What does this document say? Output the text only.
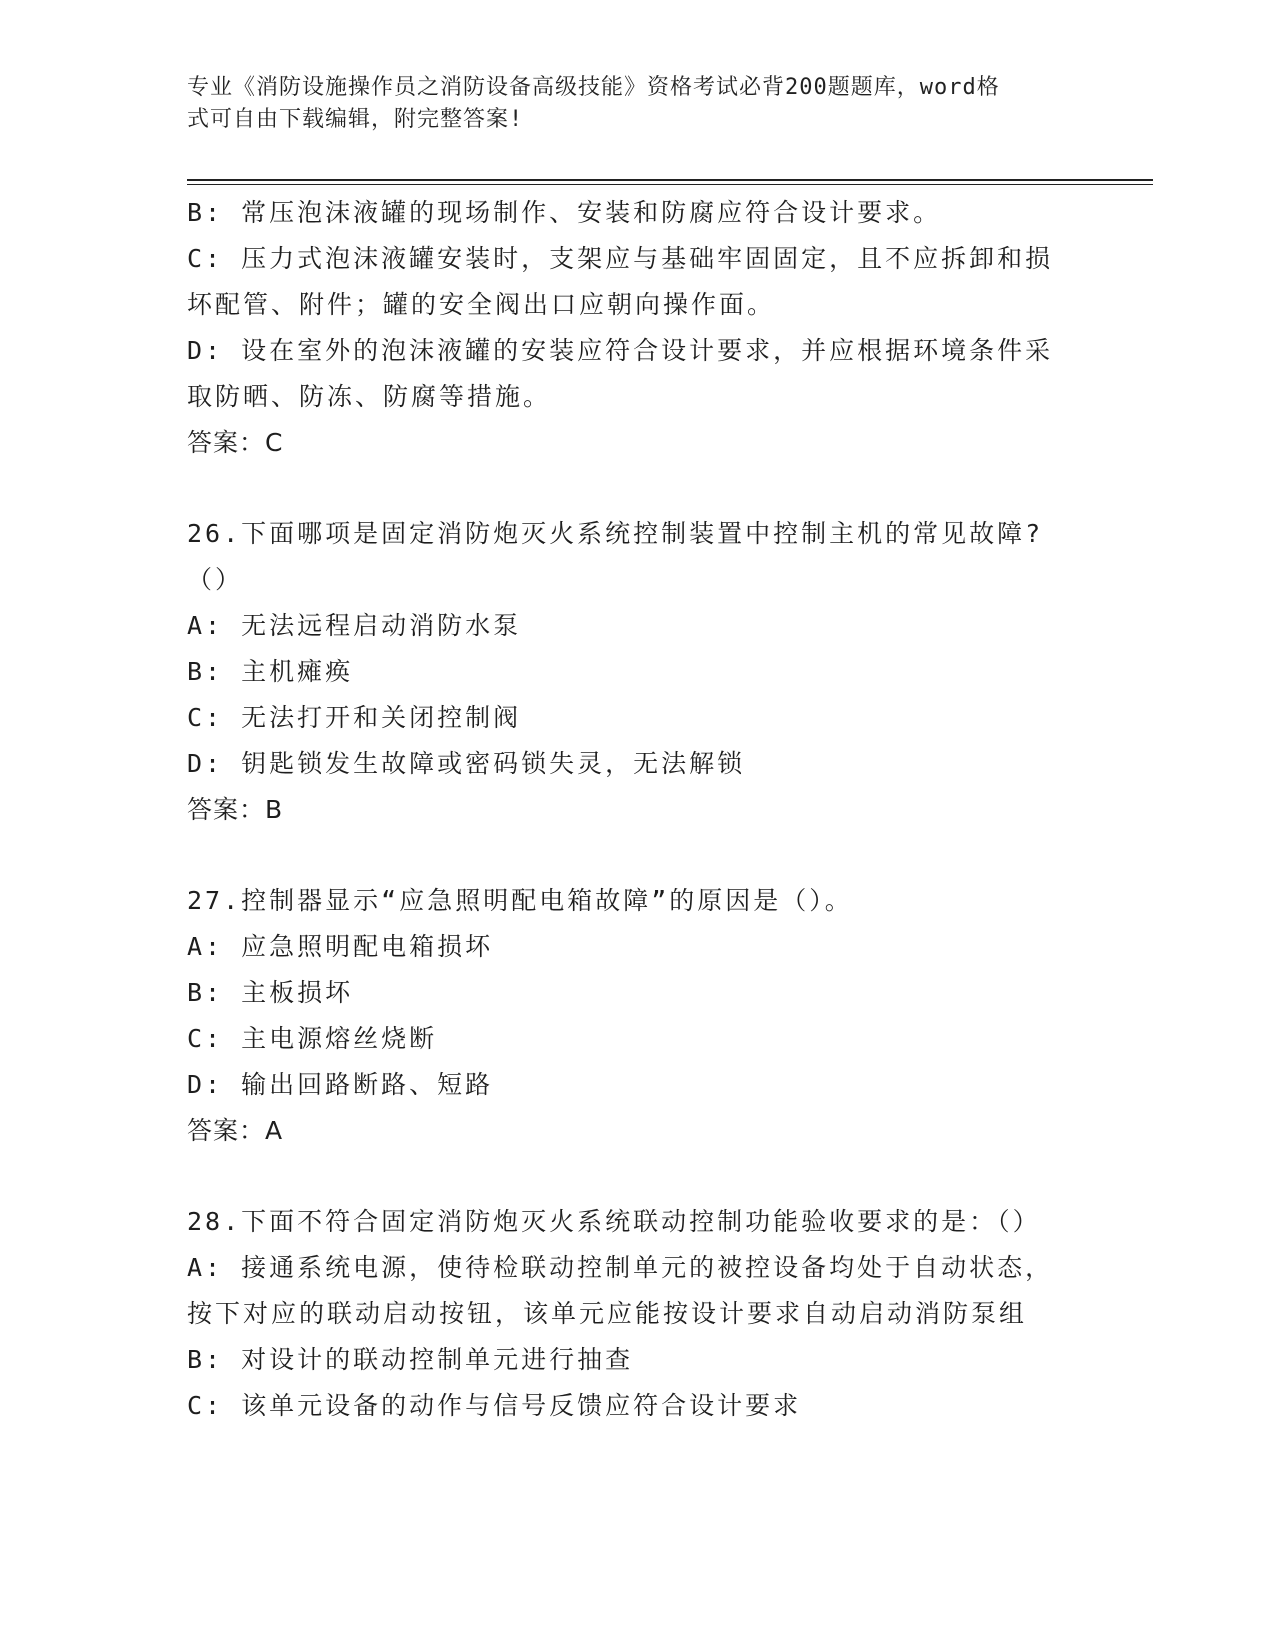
专业《消防设施操作员之消防设备高级技能》资格考试必背200题题库，word格
式可自由下载编辑，附完整答案!
B: 常压泡沫液罐的现场制作、安装和防腐应符合设计要求。
C: 压力式泡沫液罐安装时，支架应与基础牢固固定，且不应拆卸和损
坏配管、附件；罐的安全阀出口应朝向操作面。
D: 设在室外的泡沫液罐的安装应符合设计要求，并应根据环境条件采
取防晒、防冻、防腐等措施。
答案：C
26.下面哪项是固定消防炮灭火系统控制装置中控制主机的常见故障?
（）
A: 无法远程启动消防水泵
B: 主机瘫痪
C: 无法打开和关闭控制阀
D: 钥匙锁发生故障或密码锁失灵，无法解锁
答案：B
27.控制器显示“应急照明配电箱故障”的原因是（）。
A: 应急照明配电箱损坏
B: 主板损坏
C: 主电源熔丝烧断
D: 输出回路断路、短路
答案：A
28.下面不符合固定消防炮灭火系统联动控制功能验收要求的是：（）
A: 接通系统电源，使待检联动控制单元的被控设备均处于自动状态，
按下对应的联动启动按钮，该单元应能按设计要求自动启动消防泵组
B: 对设计的联动控制单元进行抽查
C: 该单元设备的动作与信号反馈应符合设计要求
